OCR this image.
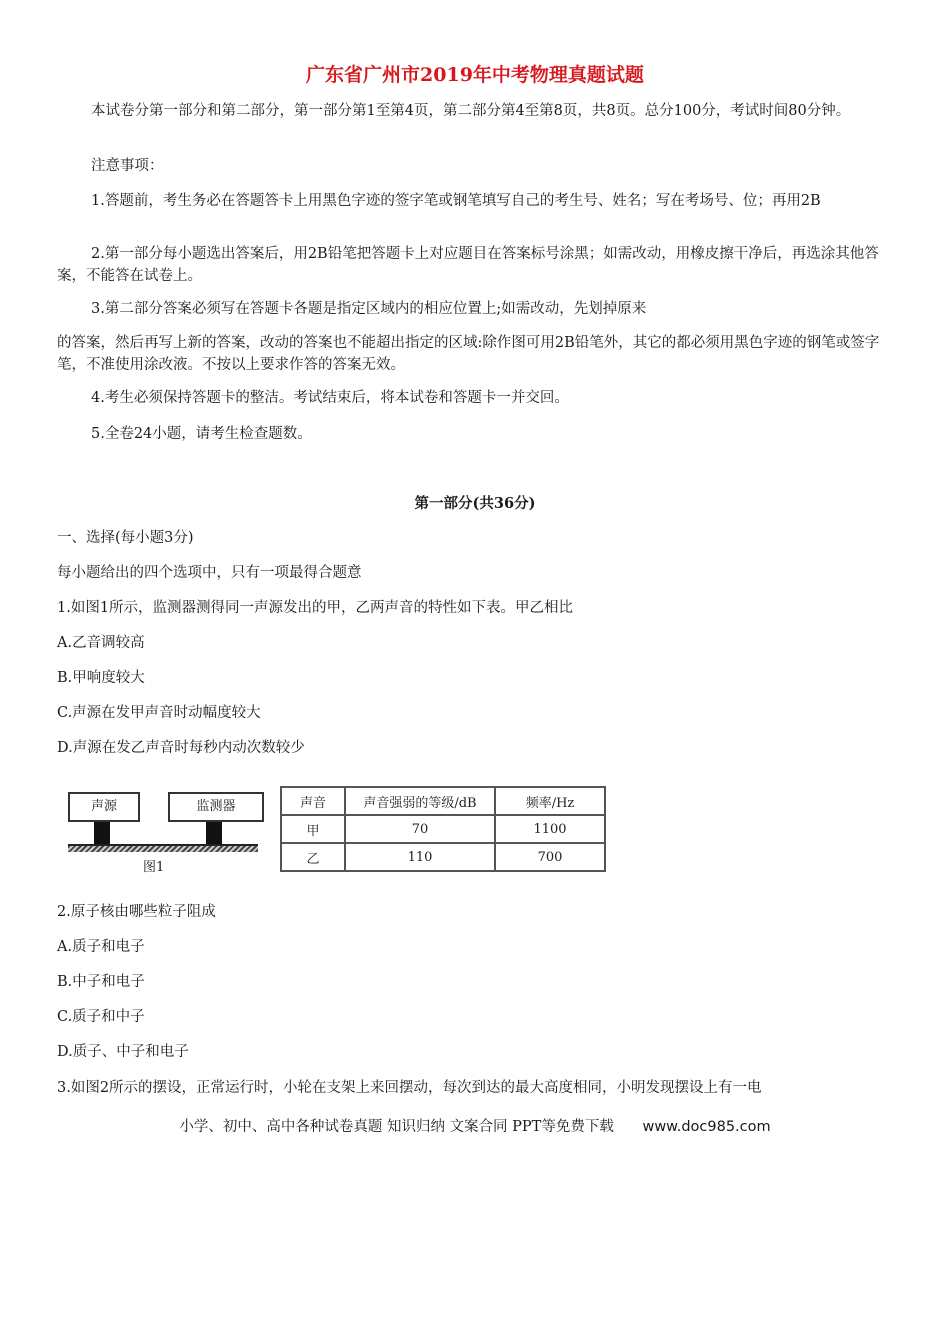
广东省广州市2019年中考物理真题试题

本试卷分第一部分和第二部分，第一部分第1至第4页，第二部分第4至第8页，共8页。总分100分，考试时间80分钟。

注意事项：

1.答题前，考生务必在答题答卡上用黑色字迹的签字笔或钢笔填写自己的考生号、姓名；写在考场号、位；再用2B

2.第一部分每小题选出答案后，用2B铅笔把答题卡上对应题目在答案标号涂黑；如需改动，用橡皮擦干净后，再选涂其他答案，不能答在试卷上。

3.第二部分答案必须写在答题卡各题是指定区域内的相应位置上;如需改动，先划掉原来

的答案，然后再写上新的答案，改动的答案也不能超出指定的区域:除作图可用2B铅笔外，其它的都必须用黑色字迹的钢笔或签字笔，不准使用涂改液。不按以上要求作答的答案无效。

4.考生必须保持答题卡的整洁。考试结束后，将本试卷和答题卡一并交回。

5.全卷24小题，请考生检查题数。

第一部分(共36分)

一、选择(每小题3分)
每小题给出的四个选项中，只有一项最得合题意
1.如图1所示，监测器测得同一声源发出的甲，乙两声音的特性如下表。甲乙相比
A.乙音调较高
B.甲响度较大
C.声源在发甲声音时动幅度较大
D.声源在发乙声音时每秒内动次数较少
声源	监测器
图1
声音	声音强弱的等级/dB	频率/Hz
甲	70	1100
乙	110	700
2.原子核由哪些粒子阻成
A.质子和电子
B.中子和电子
C.质子和中子
D.质子、中子和电子
3.如图2所示的摆设，正常运行时，小轮在支架上来回摆动，每次到达的最大高度相同，小明发现摆设上有一电
小学、初中、高中各种试卷真题 知识归纳 文案合同 PPT等免费下载 www.doc985.com
